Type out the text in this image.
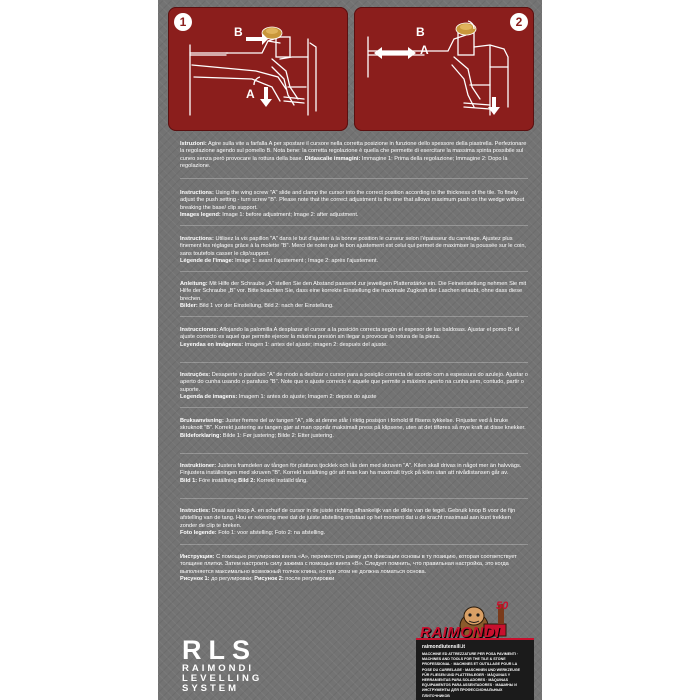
1
B
A
2
B
A
Istruzioni: Agire sulla vite a farfalla A per spostare il cursore nella corretta posizione in funzione dello spessore della piastrella. Perfezionare la regolazione agendo sul pomello B. Nota bene: la corretta regolazione è quella che permette di esercitare la massima spinta possibile sul cuneo senza però provocare la rottura della base. Didascalie immagini: Immagine 1: Prima della regolazione; Immagine 2: Dopo la regolazione.
Instructions: Using the wing screw "A" slide and clamp the cursor into the correct position according to the thickness of the tile. To finely adjust the push setting - turn screw "B". Please note that the correct adjustment is the one that allows maximum push on the wedge without breaking the base/ clip support.
Images legend: Image 1: before adjustment; Image 2: after adjustment.
Instructions: Utilisez la vis papillon "A" dans le but d'ajuster à la bonne position le curseur selon l'épaisseur du carrelage. Ajustez plus finement les réglages grâce à la molette "B". Merci de noter que le bon ajustement est celui qui permet de maximiser la poussée sur le coin, sans toutefois casser le clip/support.
Légende de l'image: Image 1: avant l'ajustement ; Image 2: après l'ajustement.
Anleitung: Mit Hilfe der Schraube „A" stellen Sie den Abstand passend zur jeweiligen Plattenstärke ein. Die Feineinstellung nehmen Sie mit Hilfe der Schraube „B" vor. Bitte beachten Sie, dass eine korrekte Einstellung die maximale Zugkraft der Laschen erlaubt, ohne dass diese brechen.
Bilder: Bild 1 vor der Einstellung, Bild 2: nach der Einstellung.
Instrucciones: Aflojando la palomilla A desplazar el cursor a la posición correcta según el espesor de las baldosas. Ajustar el pomo B: el ajuste correcto es aquel que permite ejercer la máxima presión sin llegar a provocar la rotura de la pieza.
Leyendas en imágenes: Imagen 1: antes del ajuste; imagen 2: después del ajuste.
Instruções: Desaperte o parafuso "A" de modo a deslizar o cursor para a posição correcta de acordo com a espessura do azulejo. Ajustar o aperto do cunha usando o parafuso "B". Note que o ajuste correcto é aquele que permite a máximo aperto na cunha sem, contudo, partir o suporte.
Legenda de imagens: Imagem 1: antes do ajuste; Imagem 2: depois do ajuste
Bruksanvisning: Juster fremre del av tangen "A", slik at denne står i riktig posisjon i forhold til flisens tykkelse. Finjuster ved å bruke skruknott "B". Korrekt justering av tangen gjør at man oppnår maksimalt press på klipsene, uten at det tilføres så mye kraft at disse knekker.
Bildeforklaring: Bilde 1: Før justering; Bilde 2: Etter justering.
Instruktioner: Justera framdelen av tången för plattans tjocklek och lås den med skruven "A". Kilen skall drivas in något mer än halvvägs. Finjustera inställningen med skruven "B". Korrekt inställning gör att man kan ha maximalt tryck på kilen utan att nivådistansen går av.
Bild 1: Före inställning Bild 2: Korrekt inställd tång.
Instructies: Draai aan knop A. en schuif de cursor in de juiste richting afhankelijk van de dikte van de tegel. Gebruik knop B voor de fijn afstelling van de tang. Hou er rekening mee dat de juiste afstelling ontstaat op het moment dat u de kracht maximaal aan kunt trekken zonder de clip te breken.
Foto legende: Foto 1: voor afstelling; Foto 2: na afstelling.
Инструкция: С помощью регулировки винта «A», переместить рамку для фиксации основы в ту позицию, которая соответствует толщине плитки. Затем настроить силу зажима с помощью винта «B». Следует помнить, что правильная настройка, это когда выполняется максимально возможный толчок клина, но при этом не должна ломаться основа.
Рисунок 1: до регулировки; Рисунок 2: после регулировки
RLS
RAIMONDI
LEVELLING
SYSTEM
50
raimondiutensili.it
MACCHINE ED ATTREZZATURE PER POSA PAVIMENTI · MACHINES AND TOOLS FOR THE TILE & STONE PROFESSIONAL · MACHINES ET OUTILLAGE POUR LA POSE DU CARRELAGE · MASCHINEN UND WERKZEUGE FÜR FLIESEN UND PLATTENLEGER · MÁQUINAS Y HERRAMIENTAS PARA SOLADORES · MÁQUINAS EQUIPAMENTOS PARA ASSENTADORES · МАШИНЫ И ИНСТРУМЕНТЫ ДЛЯ ПРОФЕССИОНАЛЬНЫХ ПЛИТОЧНИКОВ
RAIMONDI
